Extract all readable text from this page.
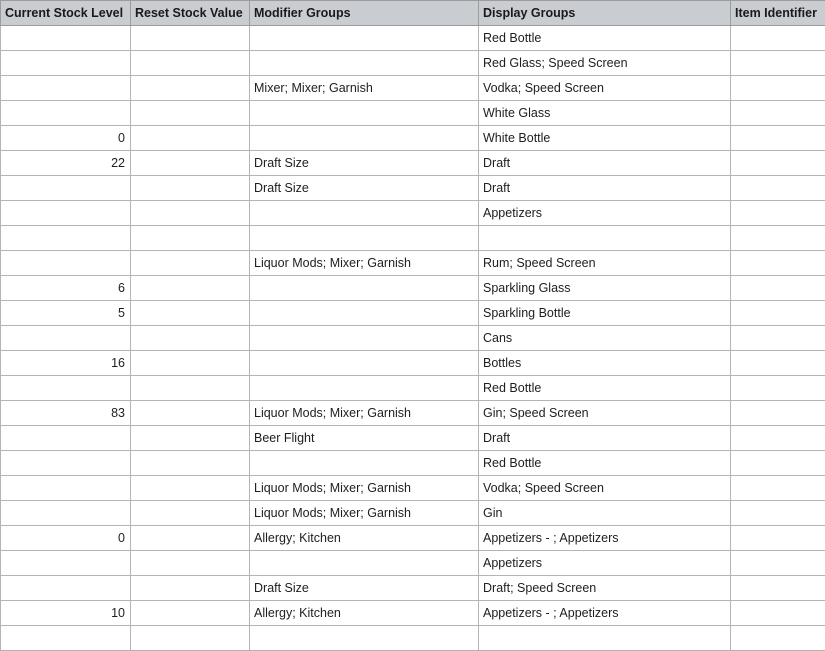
Current Stock Level	Reset Stock Value	Modifier Groups	Display Groups	Item Identifier
			Red Bottle	
			Red Glass; Speed Screen	
		Mixer; Mixer; Garnish	Vodka; Speed Screen	
			White Glass	
0			White Bottle	
22		Draft Size	Draft	
		Draft Size	Draft	
			Appetizers	

		Liquor Mods; Mixer; Garnish	Rum; Speed Screen	
6			Sparkling Glass	
5			Sparkling Bottle	
			Cans	
16			Bottles	
			Red Bottle	
83		Liquor Mods; Mixer; Garnish	Gin; Speed Screen	
		Beer Flight	Draft	
			Red Bottle	
		Liquor Mods; Mixer; Garnish	Vodka; Speed Screen	
		Liquor Mods; Mixer; Garnish	Gin	
0		Allergy; Kitchen	Appetizers - ; Appetizers	
			Appetizers	
		Draft Size	Draft; Speed Screen	
10		Allergy; Kitchen	Appetizers - ; Appetizers	
